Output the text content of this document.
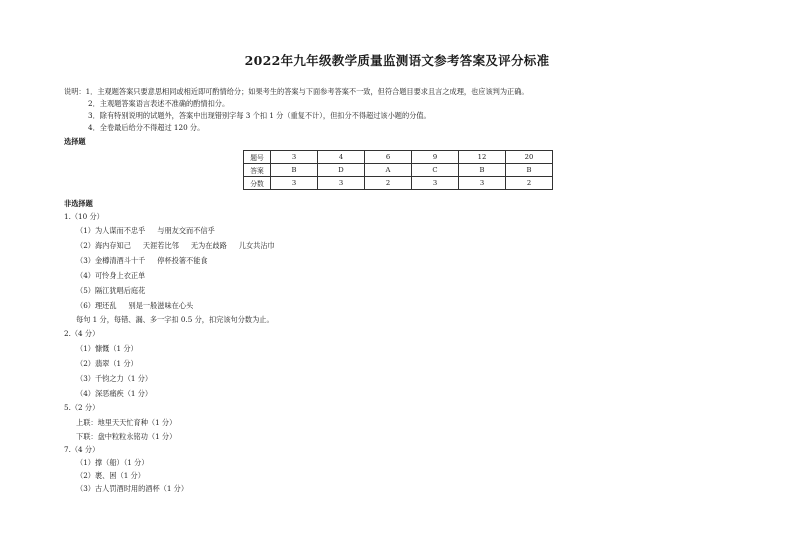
2022年九年级教学质量监测语文参考答案及评分标准
说明：1．主观题答案只要意思相同或相近即可酌情给分；如果考生的答案与下面参考答案不一致，但符合题目要求且言之成理，也应该判为正确。
2．主观题答案语言表述不准确的酌情扣分。
3．除有特别说明的试题外，答案中出现错别字每 3 个扣 1 分（重复不计），但扣分不得超过该小题的分值。
4．全卷最后给分不得超过 120 分。
选择题
题号	3	4	6	9	12	20
答案	B	D	A	C	B	B
分数	3	3	2	3	3	2
非选择题
1.（10 分）
（1）为人谋而不忠乎 与朋友交而不信乎
（2）海内存知己 天涯若比邻 无为在歧路 儿女共沾巾
（3）金樽清酒斗十千 停杯投箸不能食
（4）可怜身上衣正单
（5）隔江犹唱后庭花
（6）理还乱 别是一般滋味在心头
每句 1 分，每错、漏、多一字扣 0.5 分，扣完该句分数为止。
2.（4 分）
（1）慷慨（1 分）
（2）翡翠（1 分）
（3）千钧之力（1 分）
（4）深恶痛疾（1 分）
5.（2 分）
上联：地里天天忙育种（1 分）
下联：盘中粒粒永铭功（1 分）
7.（4 分）
（1）撑（船）（1 分）
（2）裹、困（1 分）
（3）古人罚酒时用的酒杯（1 分）
